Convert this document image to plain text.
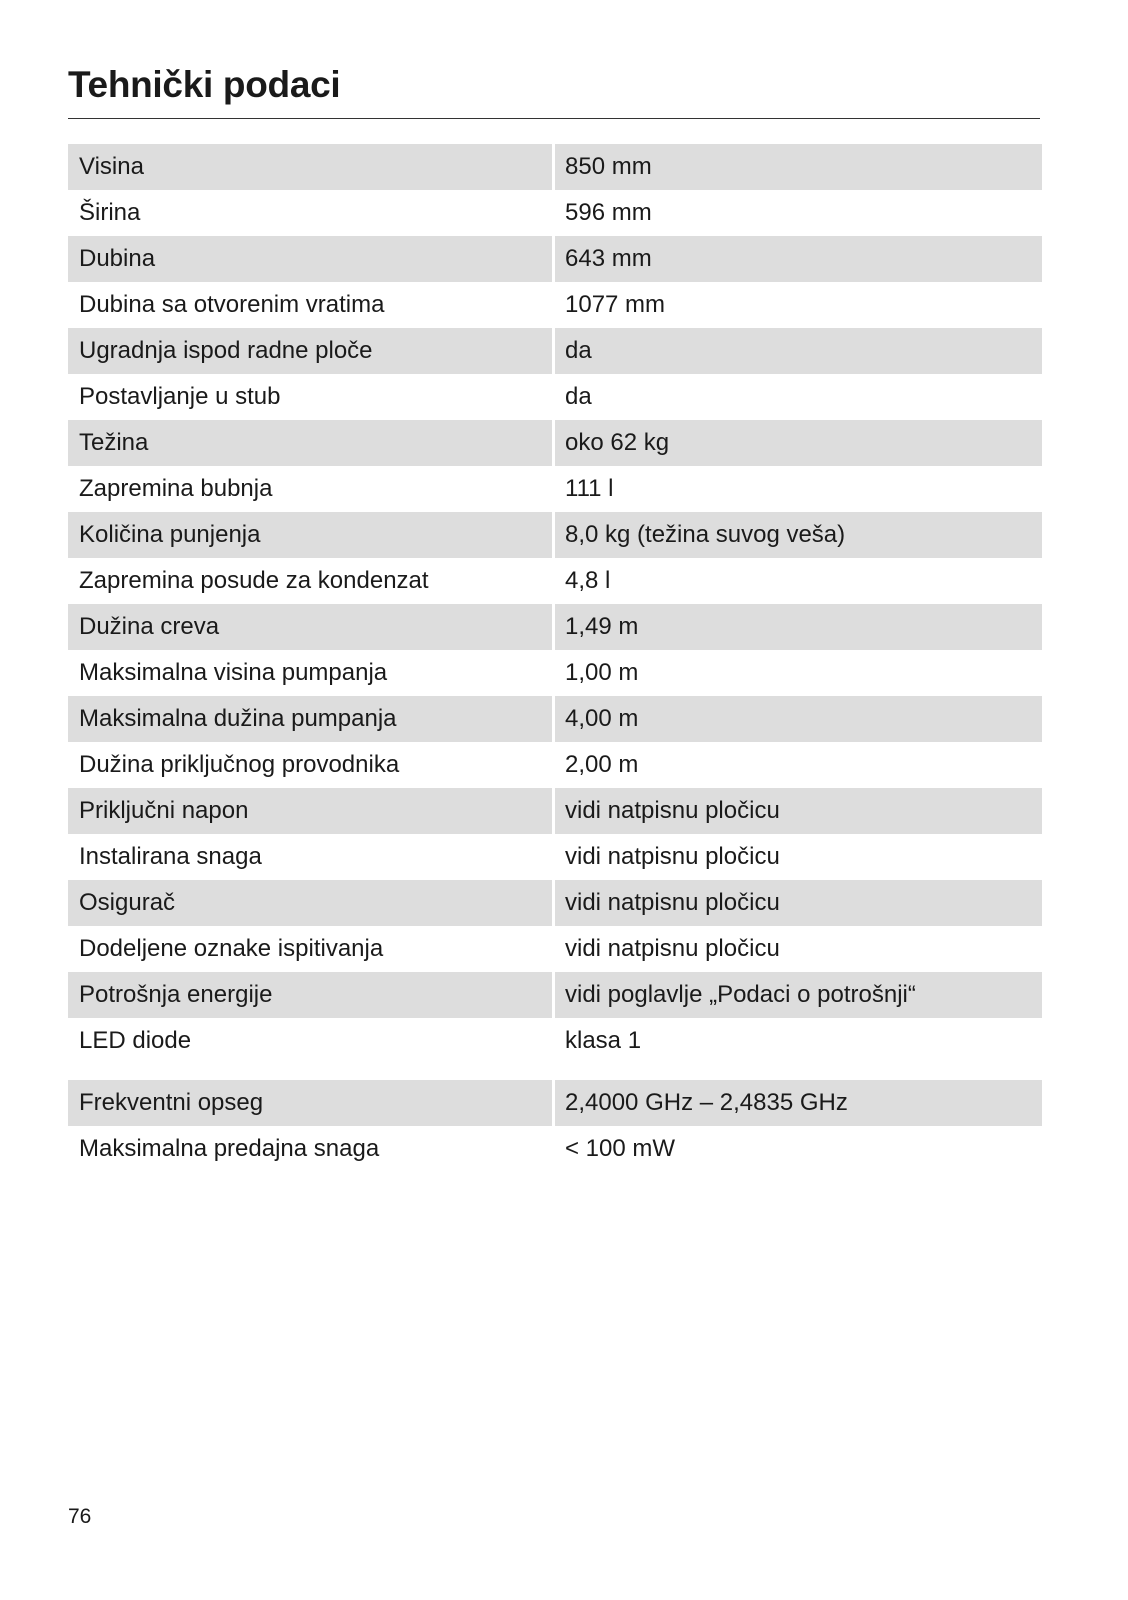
Tehnički podaci
Visina	850 mm
Širina	596 mm
Dubina	643 mm
Dubina sa otvorenim vratima	1077 mm
Ugradnja ispod radne ploče	da
Postavljanje u stub	da
Težina	oko 62 kg
Zapremina bubnja	111 l
Količina punjenja	8,0 kg (težina suvog veša)
Zapremina posude za kondenzat	4,8 l
Dužina creva	1,49 m
Maksimalna visina pumpanja	1,00 m
Maksimalna dužina pumpanja	4,00 m
Dužina priključnog provodnika	2,00 m
Priključni napon	vidi natpisnu pločicu
Instalirana snaga	vidi natpisnu pločicu
Osigurač	vidi natpisnu pločicu
Dodeljene oznake ispitivanja	vidi natpisnu pločicu
Potrošnja energije	vidi poglavlje „Podaci o potrošnji“
LED diode	klasa 1
Frekventni opseg	2,4000 GHz – 2,4835 GHz
Maksimalna predajna snaga	< 100 mW
76
